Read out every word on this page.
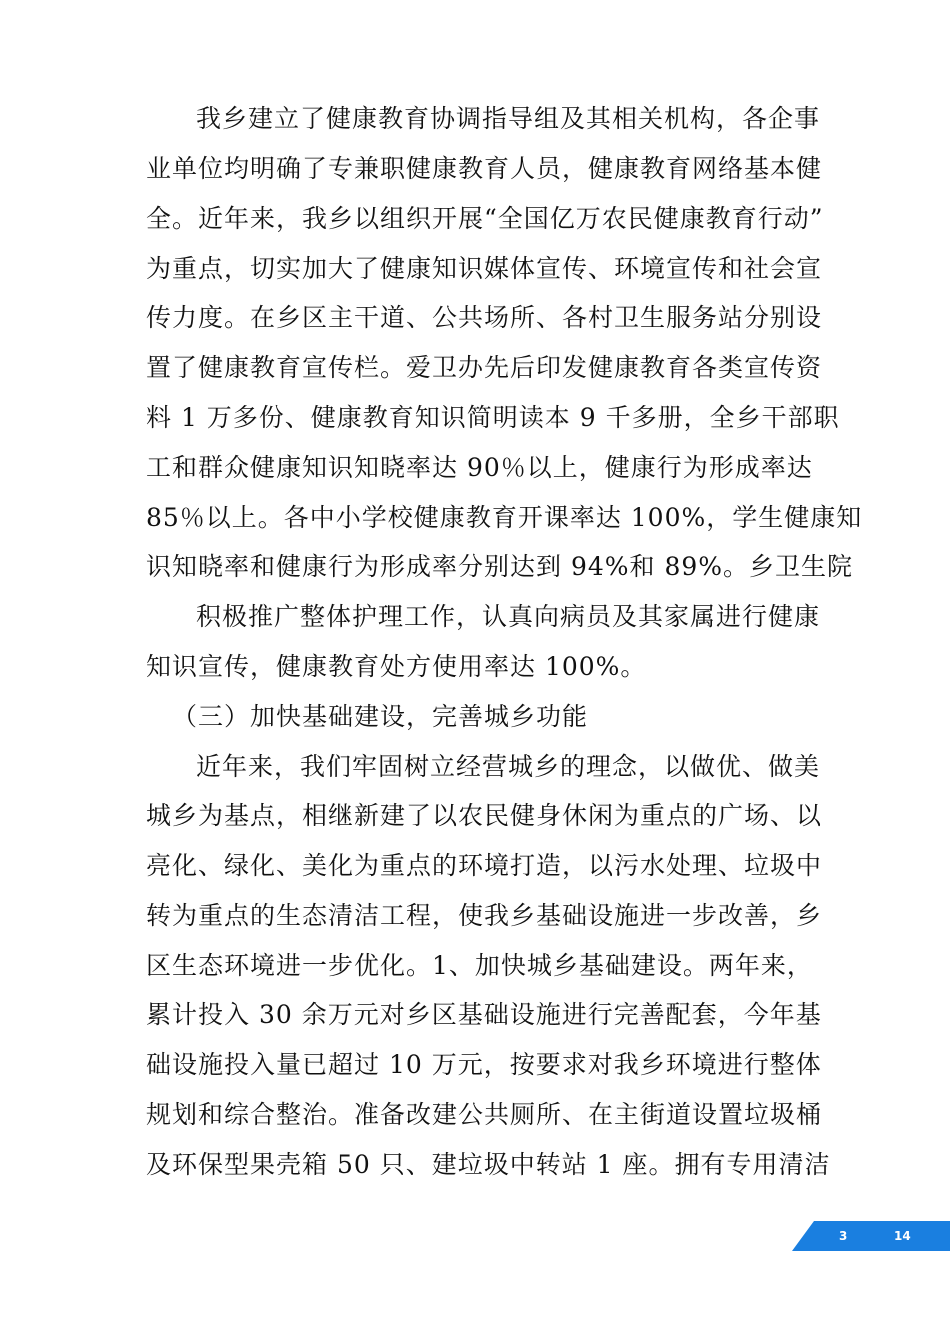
我乡建立了健康教育协调指导组及其相关机构，各企事
业单位均明确了专兼职健康教育人员，健康教育网络基本健
全。近年来，我乡以组织开展“全国亿万农民健康教育行动”
为重点，切实加大了健康知识媒体宣传、环境宣传和社会宣
传力度。在乡区主干道、公共场所、各村卫生服务站分别设
置了健康教育宣传栏。爱卫办先后印发健康教育各类宣传资
料 1 万多份、健康教育知识简明读本 9 千多册，全乡干部职
工和群众健康知识知晓率达 90％以上，健康行为形成率达
85％以上。各中小学校健康教育开课率达 100%，学生健康知
识知晓率和健康行为形成率分别达到 94%和 89%。乡卫生院
积极推广整体护理工作，认真向病员及其家属进行健康
知识宣传，健康教育处方使用率达 100%。
（三）加快基础建设，完善城乡功能
近年来，我们牢固树立经营城乡的理念，以做优、做美
城乡为基点，相继新建了以农民健身休闲为重点的广场、以
亮化、绿化、美化为重点的环境打造，以污水处理、垃圾中
转为重点的生态清洁工程，使我乡基础设施进一步改善，乡
区生态环境进一步优化。1、加快城乡基础建设。两年来，
累计投入 30 余万元对乡区基础设施进行完善配套，今年基
础设施投入量已超过 10 万元，按要求对我乡环境进行整体
规划和综合整治。准备改建公共厕所、在主街道设置垃圾桶
及环保型果壳箱 50 只、建垃圾中转站 1 座。拥有专用清洁
3	14
